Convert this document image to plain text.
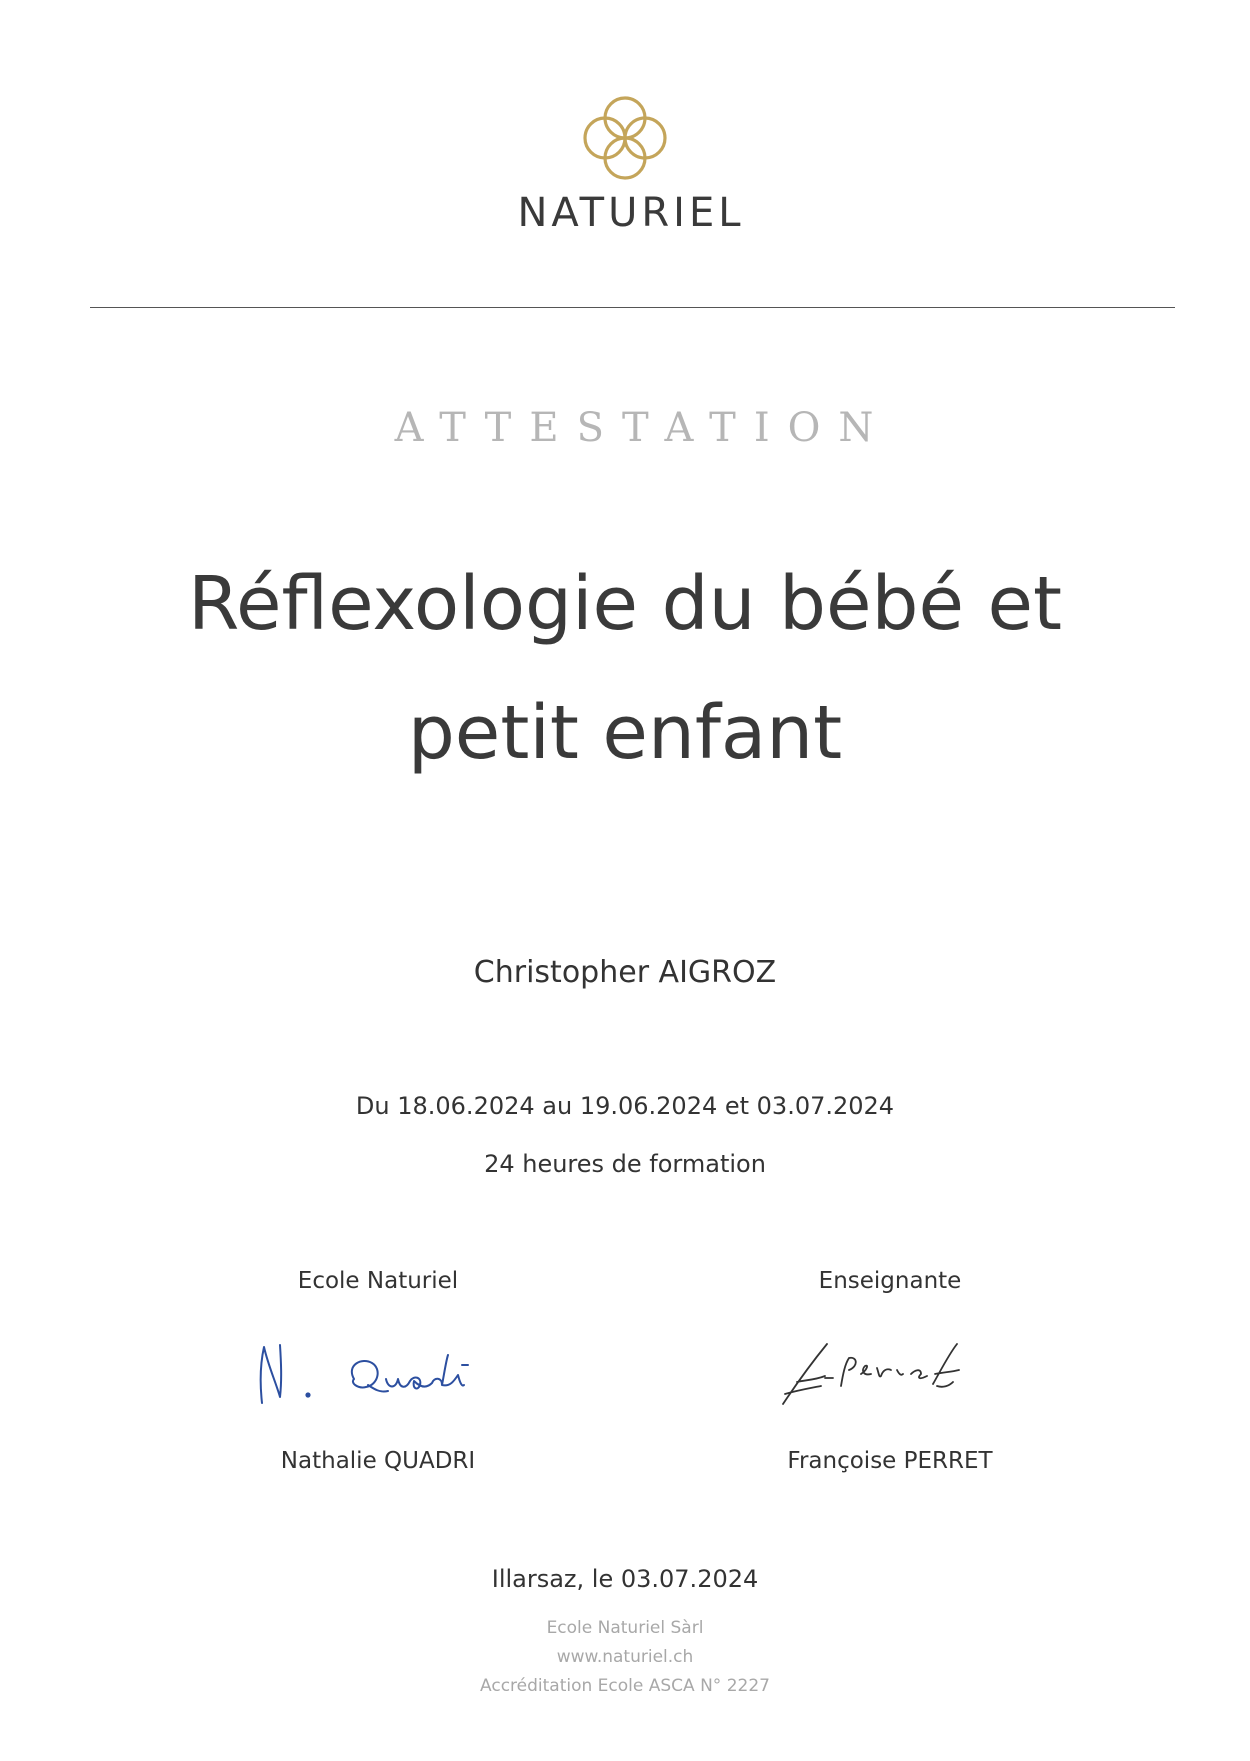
NATURIEL
ATTESTATION
Réflexologie du bébé et
petit enfant
Christopher AIGROZ
Du 18.06.2024 au 19.06.2024 et 03.07.2024
24 heures de formation
Ecole Naturiel
Nathalie QUADRI
Enseignante
Françoise PERRET
Illarsaz, le 03.07.2024
Ecole Naturiel Sàrl
www.naturiel.ch
Accréditation Ecole ASCA N° 2227
